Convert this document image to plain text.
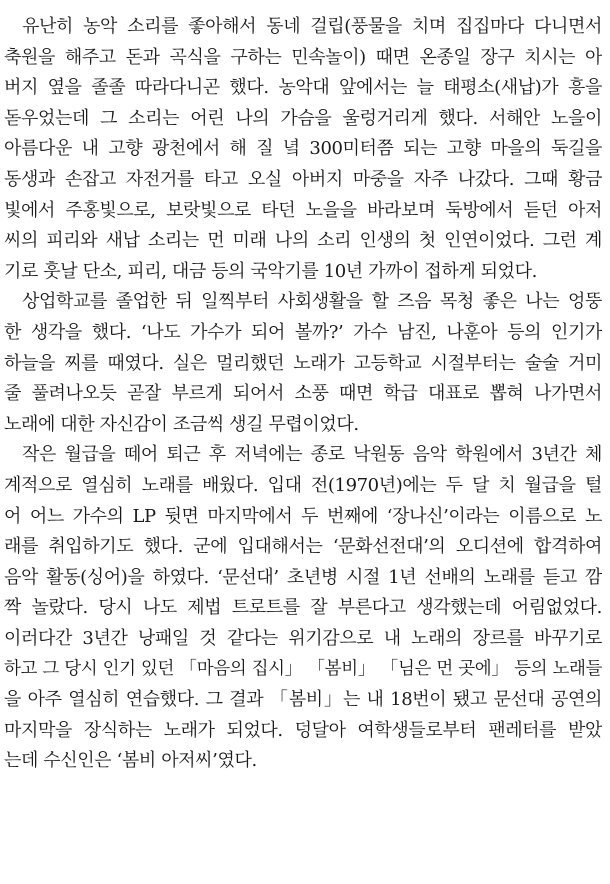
유난히 농악 소리를 좋아해서 동네 걸립(풍물을 치며 집집마다 다니면서
축원을 해주고 돈과 곡식을 구하는 민속놀이) 때면 온종일 장구 치시는 아
버지 옆을 졸졸 따라다니곤 했다. 농악대 앞에서는 늘 태평소(새납)가 흥을
돋우었는데 그 소리는 어린 나의 가슴을 울렁거리게 했다. 서해안 노을이
아름다운 내 고향 광천에서 해 질 녘 300미터쯤 되는 고향 마을의 둑길을
동생과 손잡고 자전거를 타고 오실 아버지 마중을 자주 나갔다. 그때 황금
빛에서 주홍빛으로, 보랏빛으로 타던 노을을 바라보며 둑방에서 듣던 아저
씨의 피리와 새납 소리는 먼 미래 나의 소리 인생의 첫 인연이었다. 그런 계
기로 훗날 단소, 피리, 대금 등의 국악기를 10년 가까이 접하게 되었다.

상업학교를 졸업한 뒤 일찍부터 사회생활을 할 즈음 목청 좋은 나는 엉뚱
한 생각을 했다. ‘나도 가수가 되어 볼까?’ 가수 남진, 나훈아 등의 인기가
하늘을 찌를 때였다. 실은 멀리했던 노래가 고등학교 시절부터는 술술 거미
줄 풀려나오듯 곧잘 부르게 되어서 소풍 때면 학급 대표로 뽑혀 나가면서
노래에 대한 자신감이 조금씩 생길 무렵이었다.

작은 월급을 떼어 퇴근 후 저녁에는 종로 낙원동 음악 학원에서 3년간 체
계적으로 열심히 노래를 배웠다. 입대 전(1970년)에는 두 달 치 월급을 털
어 어느 가수의 LP 뒷면 마지막에서 두 번째에 ‘장나신’이라는 이름으로 노
래를 취입하기도 했다. 군에 입대해서는 ‘문화선전대’의 오디션에 합격하여
음악 활동(싱어)을 하였다. ‘문선대’ 초년병 시절 1년 선배의 노래를 듣고 깜
짝 놀랐다. 당시 나도 제법 트로트를 잘 부른다고 생각했는데 어림없었다.
이러다간 3년간 낭패일 것 같다는 위기감으로 내 노래의 장르를 바꾸기로
하고 그 당시 인기 있던 「마음의 집시」 「봄비」 「님은 먼 곳에」 등의 노래들
을 아주 열심히 연습했다. 그 결과 「봄비」는 내 18번이 됐고 문선대 공연의
마지막을 장식하는 노래가 되었다. 덩달아 여학생들로부터 팬레터를 받았
는데 수신인은 ‘봄비 아저씨’였다.
